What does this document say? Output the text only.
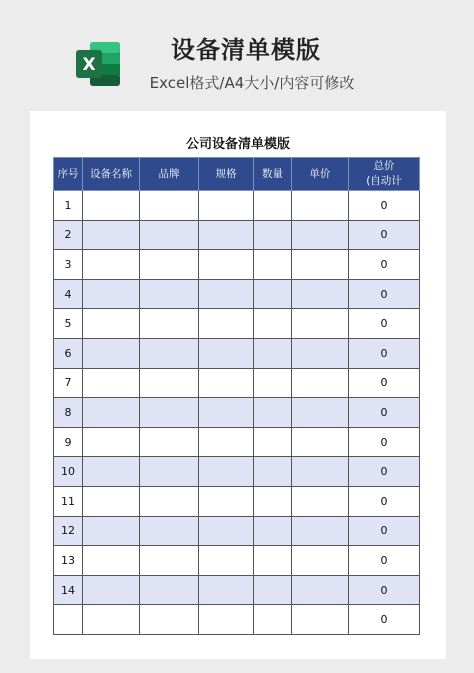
X
设备清单模版
Excel格式/A4大小/内容可修改
公司设备清单模版
序号	设备名称	品牌	规格	数量	单价	总价
(自动计
1						0
2						0
3						0
4						0
5						0
6						0
7						0
8						0
9						0
10						0
11						0
12						0
13						0
14						0
						0
